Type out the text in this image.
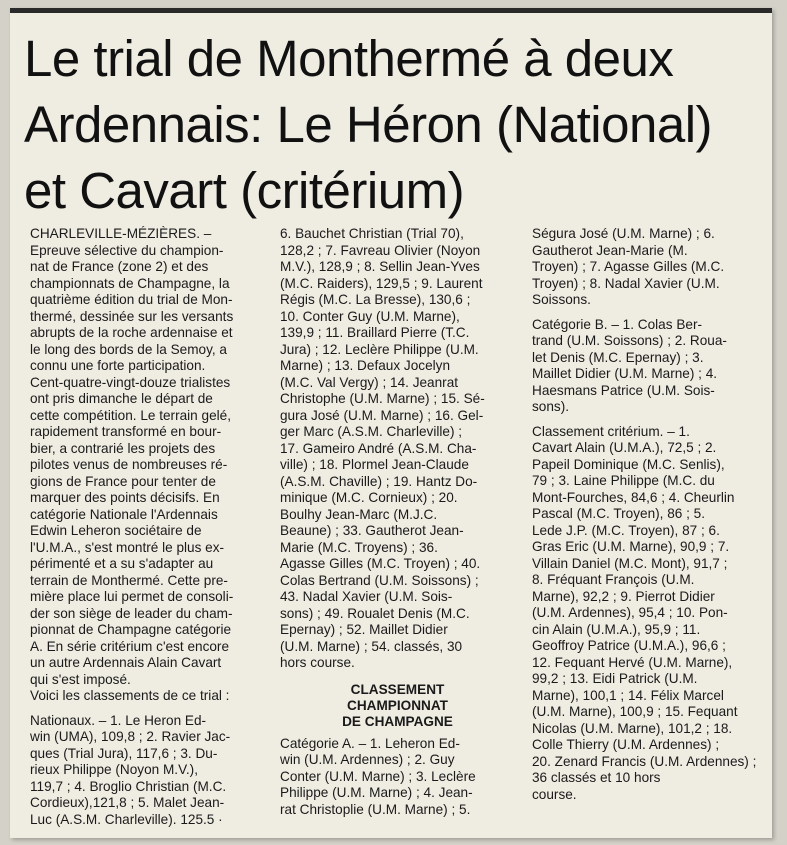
Le trial de Monthermé à deux
Ardennais: Le Héron (National)
et Cavart (critérium)

CHARLEVILLE-MÉZIÈRES. –

Epreuve sélective du champion-

nat de France (zone 2) et des

championnats de Champagne, la

quatrième édition du trial de Mon-

thermé, dessinée sur les versants

abrupts de la roche ardennaise et

le long des bords de la Semoy, a

connu une forte participation.

Cent-quatre-vingt-douze trialistes

ont pris dimanche le départ de

cette compétition. Le terrain gelé,

rapidement transformé en bour-

bier, a contrarié les projets des

pilotes venus de nombreuses ré-

gions de France pour tenter de

marquer des points décisifs. En

catégorie Nationale l'Ardennais

Edwin Leheron sociétaire de

l'U.M.A., s'est montré le plus ex-

périmenté et a su s'adapter au

terrain de Monthermé. Cette pre-

mière place lui permet de consoli-

der son siège de leader du cham-

pionnat de Champagne catégorie

A. En série critérium c'est encore

un autre Ardennais Alain Cavart

qui s'est imposé.

Voici les classements de ce trial :

Nationaux. – 1. Le Heron Ed-

win (UMA), 109,8 ; 2. Ravier Jac-

ques (Trial Jura), 117,6 ; 3. Du-

rieux Philippe (Noyon M.V.),

119,7 ; 4. Broglio Christian (M.C.

Cordieux),121,8 ; 5. Malet Jean-

Luc (A.S.M. Charleville). 125.5 ·

6. Bauchet Christian (Trial 70),

128,2 ; 7. Favreau Olivier (Noyon

M.V.), 128,9 ; 8. Sellin Jean-Yves

(M.C. Raiders), 129,5 ; 9. Laurent

Régis (M.C. La Bresse), 130,6 ;

10. Conter Guy (U.M. Marne),

139,9 ; 11. Braillard Pierre (T.C.

Jura) ; 12. Leclère Philippe (U.M.

Marne) ; 13. Defaux Jocelyn

(M.C. Val Vergy) ; 14. Jeanrat

Christophe (U.M. Marne) ; 15. Sé-

gura José (U.M. Marne) ; 16. Gel-

ger Marc (A.S.M. Charleville) ;

17. Gameiro André (A.S.M. Cha-

ville) ; 18. Plormel Jean-Claude

(A.S.M. Chaville) ; 19. Hantz Do-

minique (M.C. Cornieux) ; 20.

Boulhy Jean-Marc (M.J.C.

Beaune) ; 33. Gautherot Jean-

Marie (M.C. Troyens) ; 36.

Agasse Gilles (M.C. Troyen) ; 40.

Colas Bertrand (U.M. Soissons) ;

43. Nadal Xavier (U.M. Sois-

sons) ; 49. Roualet Denis (M.C.

Epernay) ; 52. Maillet Didier

(U.M. Marne) ; 54. classés, 30

hors course.

CLASSEMENT
CHAMPIONNAT
DE CHAMPAGNE

Catégorie A. – 1. Leheron Ed-

win (U.M. Ardennes) ; 2. Guy

Conter (U.M. Marne) ; 3. Leclère

Philippe (U.M. Marne) ; 4. Jean-

rat Christoplie (U.M. Marne) ; 5.

Ségura José (U.M. Marne) ; 6.

Gautherot Jean-Marie (M.

Troyen) ; 7. Agasse Gilles (M.C.

Troyen) ; 8. Nadal Xavier (U.M.

Soissons.

Catégorie B. – 1. Colas Ber-

trand (U.M. Soissons) ; 2. Roua-

let Denis (M.C. Epernay) ; 3.

Maillet Didier (U.M. Marne) ; 4.

Haesmans Patrice (U.M. Sois-

sons).

Classement critérium. – 1.

Cavart Alain (U.M.A.), 72,5 ; 2.

Papeil Dominique (M.C. Senlis),

79 ; 3. Laine Philippe (M.C. du

Mont-Fourches, 84,6 ; 4. Cheurlin

Pascal (M.C. Troyen), 86 ; 5.

Lede J.P. (M.C. Troyen), 87 ; 6.

Gras Eric (U.M. Marne), 90,9 ; 7.

Villain Daniel (M.C. Mont), 91,7 ;

8. Fréquant François (U.M.

Marne), 92,2 ; 9. Pierrot Didier

(U.M. Ardennes), 95,4 ; 10. Pon-

cin Alain (U.M.A.), 95,9 ; 11.

Geoffroy Patrice (U.M.A.), 96,6 ;

12. Fequant Hervé (U.M. Marne),

99,2 ; 13. Eidi Patrick (U.M.

Marne), 100,1 ; 14. Félix Marcel

(U.M. Marne), 100,9 ; 15. Fequant

Nicolas (U.M. Marne), 101,2 ; 18.

Colle Thierry (U.M. Ardennes) ;

20. Zenard Francis (U.M. Ardennes) ; 36 classés et 10 hors

course.
